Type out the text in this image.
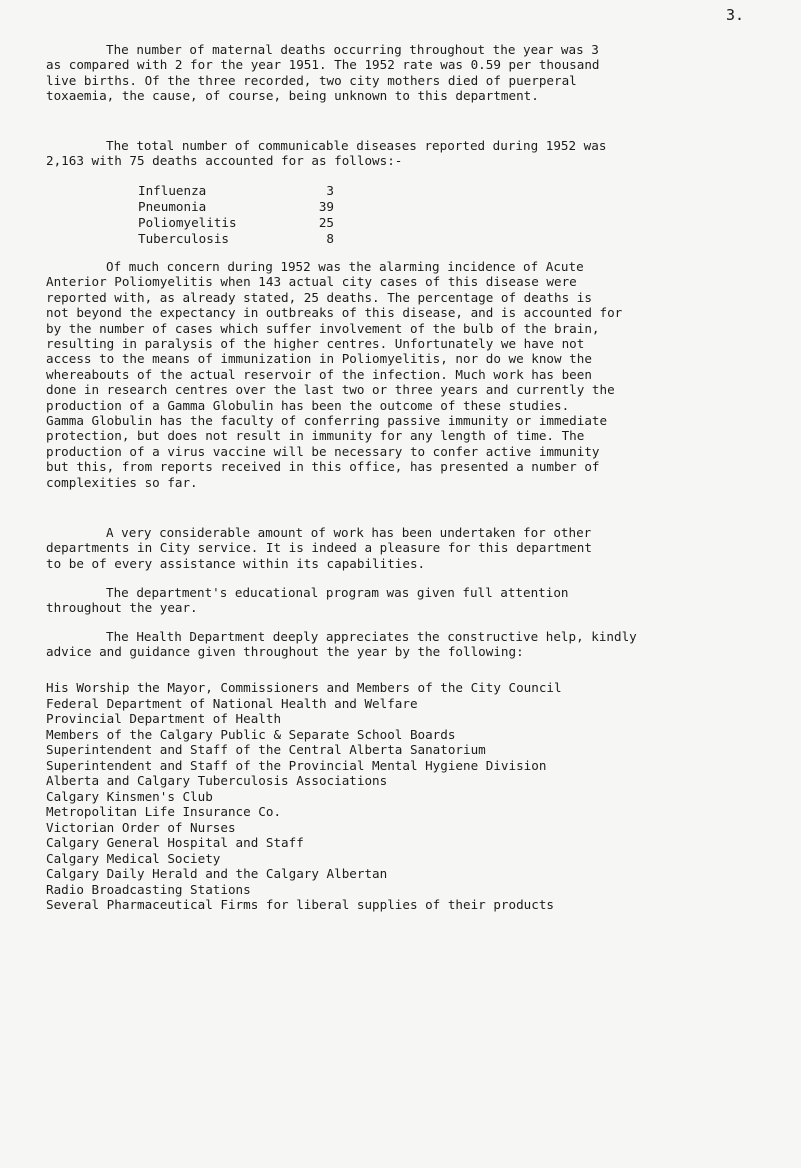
3.
The number of maternal deaths occurring throughout the year was 3
as compared with 2 for the year 1951. The 1952 rate was 0.59 per thousand
live births. Of the three recorded, two city mothers died of puerperal
toxaemia, the cause, of course, being unknown to this department.
The total number of communicable diseases reported during 1952 was
2,163 with 75 deaths accounted for as follows:-
Influenza	3
Pneumonia	39
Poliomyelitis	25
Tuberculosis	8
Of much concern during 1952 was the alarming incidence of Acute
Anterior Poliomyelitis when 143 actual city cases of this disease were
reported with, as already stated, 25 deaths. The percentage of deaths is
not beyond the expectancy in outbreaks of this disease, and is accounted for
by the number of cases which suffer involvement of the bulb of the brain,
resulting in paralysis of the higher centres. Unfortunately we have not
access to the means of immunization in Poliomyelitis, nor do we know the
whereabouts of the actual reservoir of the infection. Much work has been
done in research centres over the last two or three years and currently the
production of a Gamma Globulin has been the outcome of these studies.
Gamma Globulin has the faculty of conferring passive immunity or immediate
protection, but does not result in immunity for any length of time. The
production of a virus vaccine will be necessary to confer active immunity
but this, from reports received in this office, has presented a number of
complexities so far.
A very considerable amount of work has been undertaken for other
departments in City service. It is indeed a pleasure for this department
to be of every assistance within its capabilities.
The department's educational program was given full attention
throughout the year.
The Health Department deeply appreciates the constructive help, kindly
advice and guidance given throughout the year by the following:
His Worship the Mayor, Commissioners and Members of the City Council
Federal Department of National Health and Welfare
Provincial Department of Health
Members of the Calgary Public & Separate School Boards
Superintendent and Staff of the Central Alberta Sanatorium
Superintendent and Staff of the Provincial Mental Hygiene Division
Alberta and Calgary Tuberculosis Associations
Calgary Kinsmen's Club
Metropolitan Life Insurance Co.
Victorian Order of Nurses
Calgary General Hospital and Staff
Calgary Medical Society
Calgary Daily Herald and the Calgary Albertan
Radio Broadcasting Stations
Several Pharmaceutical Firms for liberal supplies of their products
